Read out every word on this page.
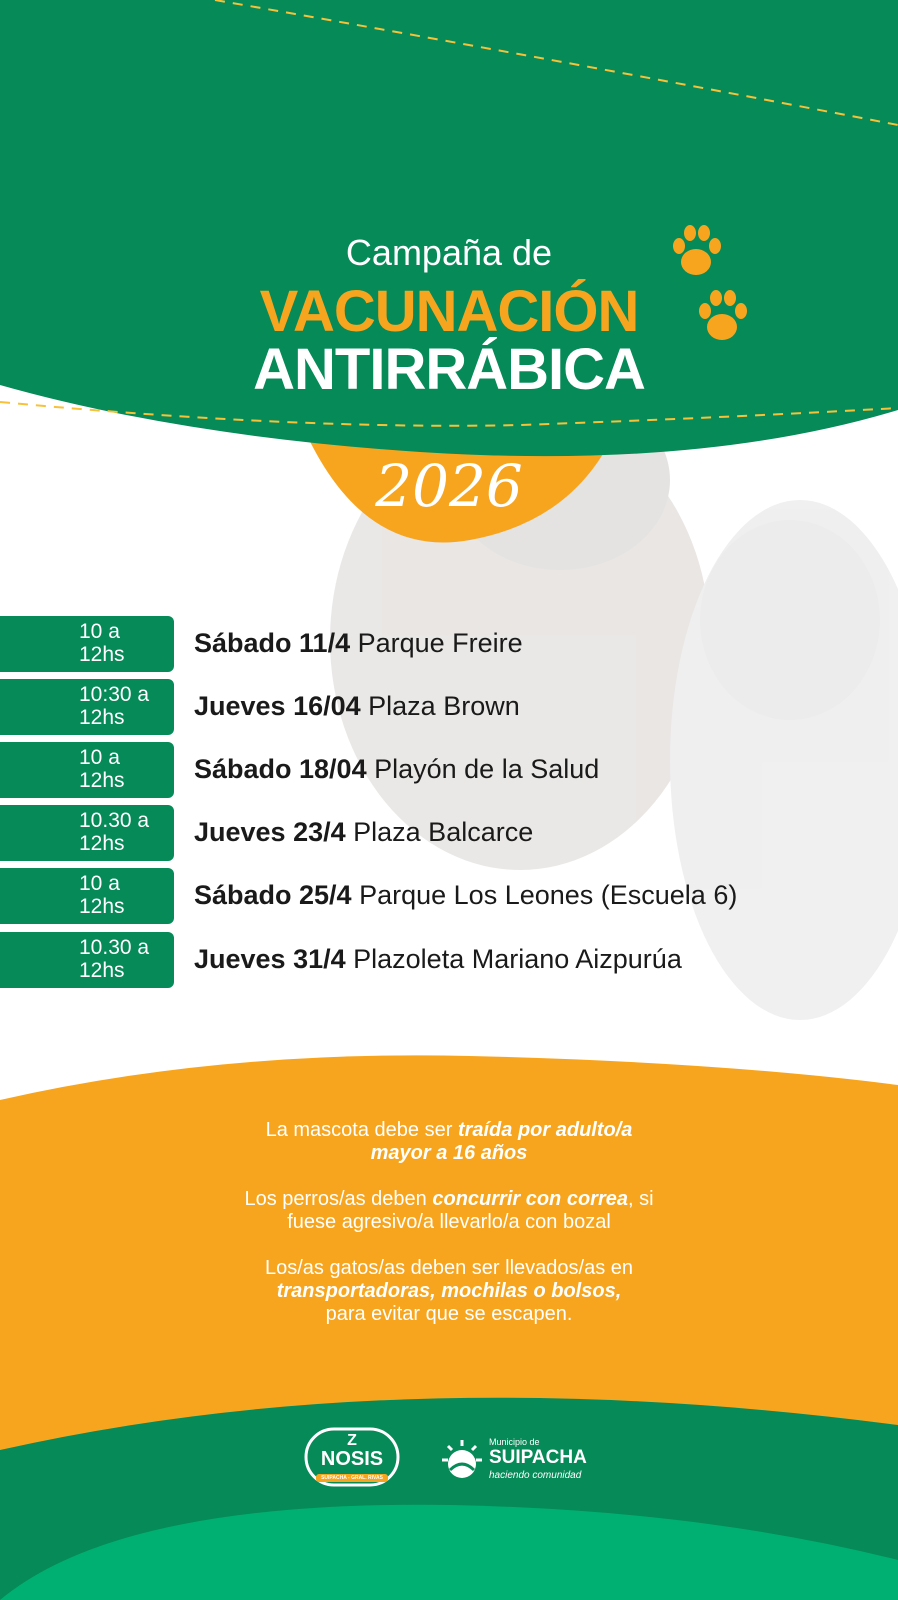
Campaña de
VACUNACIÓN
ANTIRRÁBICA
2026
10 a
12hs	Sábado 11/4 Parque Freire
10:30 a
12hs	Jueves 16/04 Plaza Brown
10 a
12hs	Sábado 18/04 Playón de la Salud
10.30 a
12hs	Jueves 23/4 Plaza Balcarce
10 a
12hs	Sábado 25/4 Parque Los Leones (Escuela 6)
10.30 a
12hs	Jueves 31/4 Plazoleta Mariano Aizpurúa
La mascota debe ser traída por adulto/a
mayor a 16 años
Los perros/as deben concurrir con correa, si
fuese agresivo/a llevarlo/a con bozal
Los/as gatos/as deben ser llevados/as en
transportadoras, mochilas o bolsos,
para evitar que se escapen.
Z
NOSIS
SUIPACHA - GRAL. RIVAS
Municipio de
SUIPACHA
haciendo comunidad
